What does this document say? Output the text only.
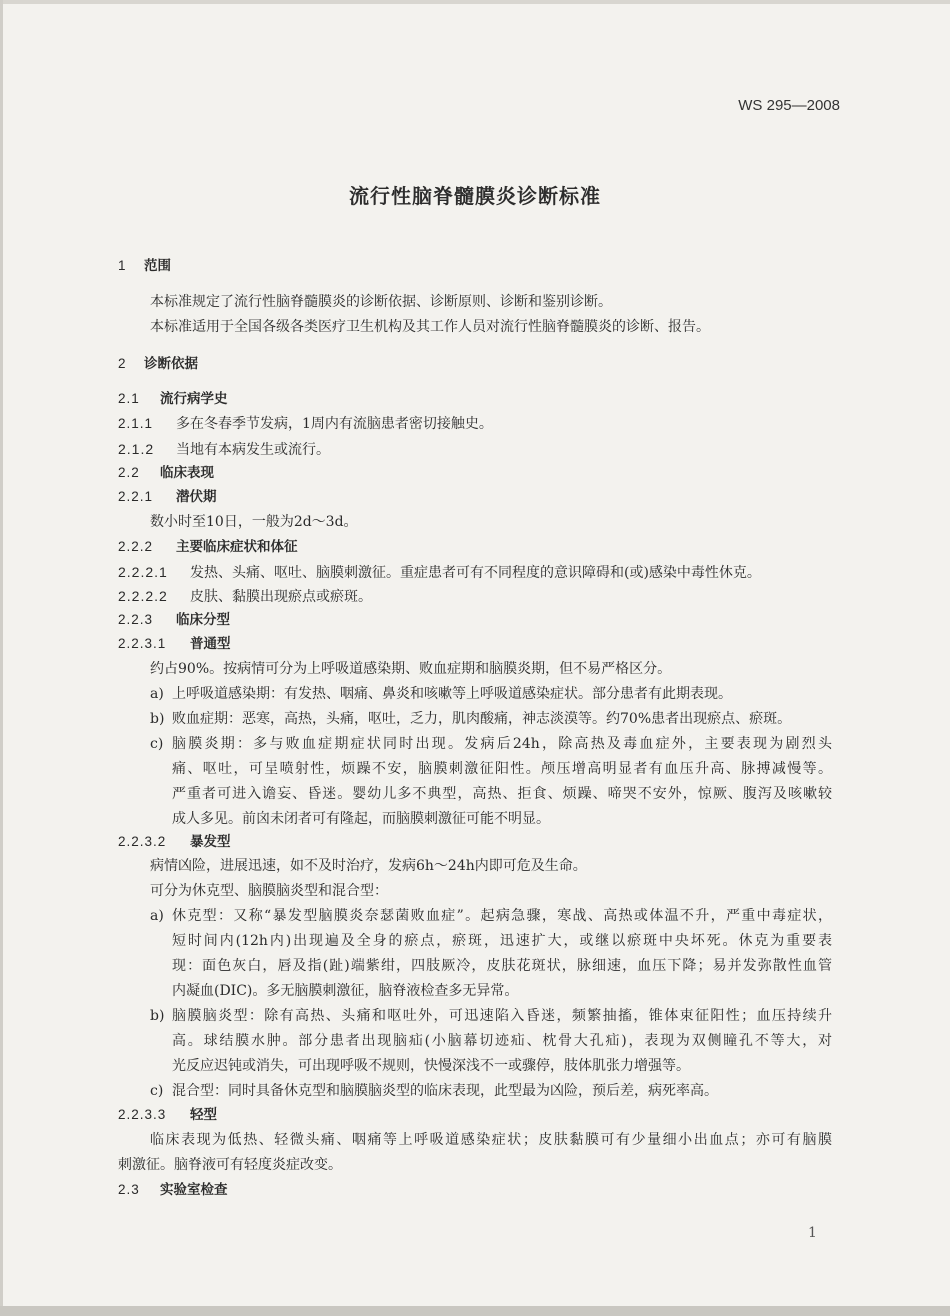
WS 295—2008
流行性脑脊髓膜炎诊断标准
1 范围
本标准规定了流行性脑脊髓膜炎的诊断依据、诊断原则、诊断和鉴别诊断。
本标准适用于全国各级各类医疗卫生机构及其工作人员对流行性脑脊髓膜炎的诊断、报告。
2 诊断依据
2.1 流行病学史
2.1.1 多在冬春季节发病，1周内有流脑患者密切接触史。
2.1.2 当地有本病发生或流行。
2.2 临床表现
2.2.1 潜伏期
数小时至10日，一般为2d～3d。
2.2.2 主要临床症状和体征
2.2.2.1 发热、头痛、呕吐、脑膜刺激征。重症患者可有不同程度的意识障碍和(或)感染中毒性休克。
2.2.2.2 皮肤、黏膜出现瘀点或瘀斑。
2.2.3 临床分型
2.2.3.1 普通型
约占90%。按病情可分为上呼吸道感染期、败血症期和脑膜炎期，但不易严格区分。
a) 上呼吸道感染期：有发热、咽痛、鼻炎和咳嗽等上呼吸道感染症状。部分患者有此期表现。
b) 败血症期：恶寒，高热，头痛，呕吐，乏力，肌肉酸痛，神志淡漠等。约70%患者出现瘀点、瘀斑。
c) 脑膜炎期：多与败血症期症状同时出现。发病后24h，除高热及毒血症外，主要表现为剧烈头
痛、呕吐，可呈喷射性，烦躁不安，脑膜刺激征阳性。颅压增高明显者有血压升高、脉搏减慢等。
严重者可进入谵妄、昏迷。婴幼儿多不典型，高热、拒食、烦躁、啼哭不安外，惊厥、腹泻及咳嗽较
成人多见。前囟未闭者可有隆起，而脑膜刺激征可能不明显。
2.2.3.2 暴发型
病情凶险，进展迅速，如不及时治疗，发病6h～24h内即可危及生命。
可分为休克型、脑膜脑炎型和混合型：
a) 休克型：又称“暴发型脑膜炎奈瑟菌败血症”。起病急骤，寒战、高热或体温不升，严重中毒症状，
短时间内(12h内)出现遍及全身的瘀点，瘀斑，迅速扩大，或继以瘀斑中央坏死。休克为重要表
现：面色灰白，唇及指(趾)端紫绀，四肢厥冷，皮肤花斑状，脉细速，血压下降；易并发弥散性血管
内凝血(DIC)。多无脑膜刺激征，脑脊液检查多无异常。
b) 脑膜脑炎型：除有高热、头痛和呕吐外，可迅速陷入昏迷，频繁抽搐，锥体束征阳性；血压持续升
高。球结膜水肿。部分患者出现脑疝(小脑幕切迹疝、枕骨大孔疝)，表现为双侧瞳孔不等大，对
光反应迟钝或消失，可出现呼吸不规则，快慢深浅不一或骤停，肢体肌张力增强等。
c) 混合型：同时具备休克型和脑膜脑炎型的临床表现，此型最为凶险，预后差，病死率高。
2.2.3.3 轻型
临床表现为低热、轻微头痛、咽痛等上呼吸道感染症状；皮肤黏膜可有少量细小出血点；亦可有脑膜
刺激征。脑脊液可有轻度炎症改变。
2.3 实验室检查
1
